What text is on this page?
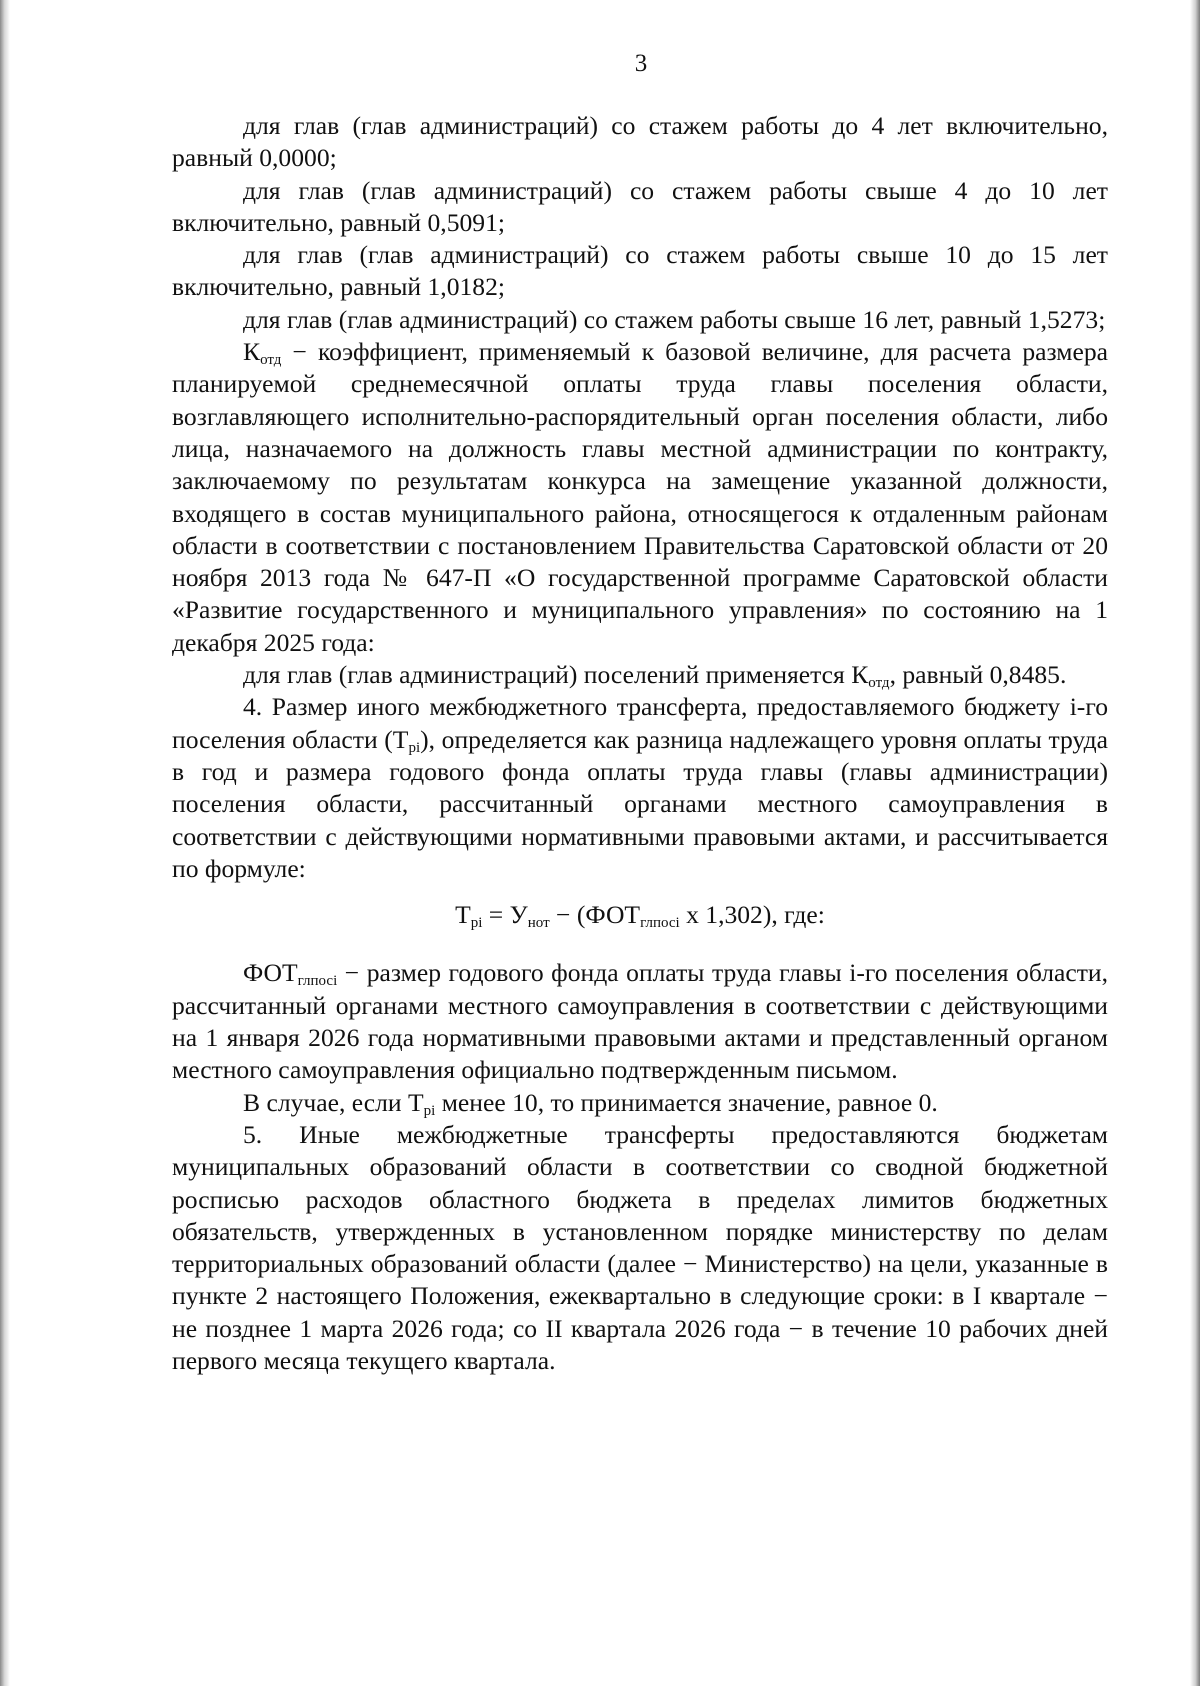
3

для глав (глав администраций) со стажем работы до 4 лет включительно, равный 0,0000;

для глав (глав администраций) со стажем работы свыше 4 до 10 лет включительно, равный 0,5091;

для глав (глав администраций) со стажем работы свыше 10 до 15 лет включительно, равный 1,0182;

для глав (глав администраций) со стажем работы свыше 16 лет, равный 1,5273;

$К_{отд}$ − коэффициент, применяемый к базовой величине, для расчета размера планируемой среднемесячной оплаты труда главы поселения области, возглавляющего исполнительно-распорядительный орган поселения области, либо лица, назначаемого на должность главы местной администрации по контракту, заключаемому по результатам конкурса на замещение указанной должности, входящего в состав муниципального района, относящегося к отдаленным районам области в соответствии с постановлением Правительства Саратовской области от 20 ноября 2013 года № 647-П «О государственной программе Саратовской области «Развитие государственного и муниципального управления» по состоянию на 1 декабря 2025 года:

для глав (глав администраций) поселений применяется $К_{отд}$, равный 0,8485.

4. Размер иного межбюджетного трансферта, предоставляемого бюджету i-го поселения области $(Т_{pi})$, определяется как разница надлежащего уровня оплаты труда в год и размера годового фонда оплаты труда главы (главы администрации) поселения области, рассчитанный органами местного самоуправления в соответствии с действующими нормативными правовыми актами, и рассчитывается по формуле:

$Т_{pi} = У_{нот} - (ФОТ_{глпосi}$ x 1,302), где:

$ФОТ_{глпосi}$ − размер годового фонда оплаты труда главы i-го поселения области, рассчитанный органами местного самоуправления в соответствии с действующими на 1 января 2026 года нормативными правовыми актами и представленный органом местного самоуправления официально подтвержденным письмом.

В случае, если $Т_{pi}$ менее 10, то принимается значение, равное 0.

5. Иные межбюджетные трансферты предоставляются бюджетам муниципальных образований области в соответствии со сводной бюджетной росписью расходов областного бюджета в пределах лимитов бюджетных обязательств, утвержденных в установленном порядке министерству по делам территориальных образований области (далее − Министерство) на цели, указанные в пункте 2 настоящего Положения, ежеквартально в следующие сроки: в I квартале − не позднее 1 марта 2026 года; со II квартала 2026 года − в течение 10 рабочих дней первого месяца текущего квартала.
